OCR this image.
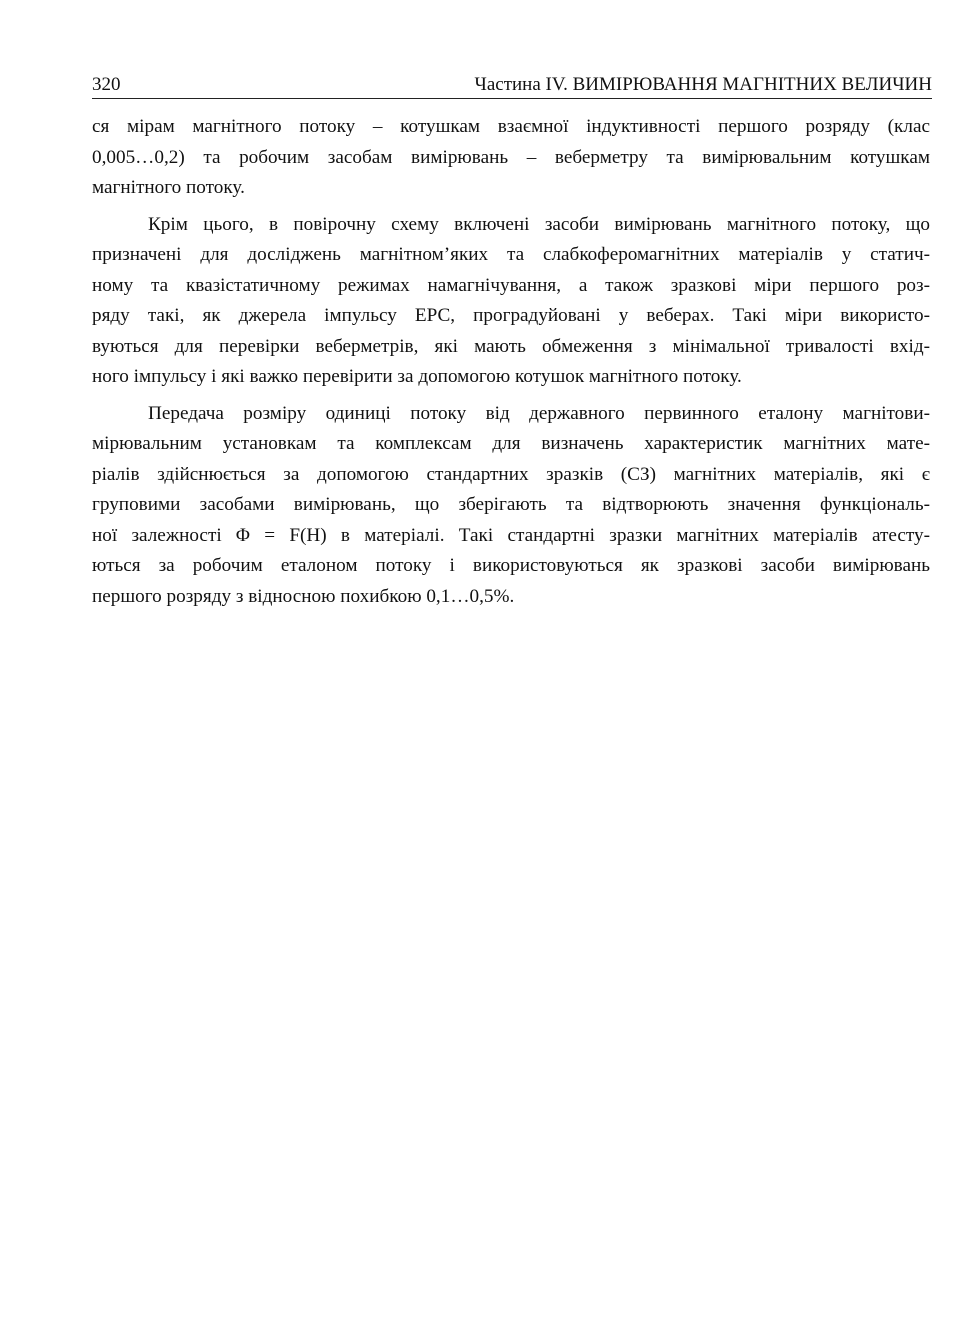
320	Частина IV. ВИМІРЮВАННЯ МАГНІТНИХ ВЕЛИЧИН
ся мірам магнітного потоку – котушкам взаємної індуктивності першого розряду (клас
0,005…0,2) та робочим засобам вимірювань – веберметру та вимірювальним котушкам
магнітного потоку.
Крім цього, в повірочну схему включені засоби вимірювань магнітного потоку, що
призначені для досліджень магнітном’яких та слабкоферомагнітних матеріалів у статич-
ному та квазістатичному режимах намагнічування, а також зразкові міри першого роз-
ряду такі, як джерела імпульсу ЕРС, проградуйовані у веберах. Такі міри використо-
вуються для перевірки веберметрів, які мають обмеження з мінімальної тривалості вхід-
ного імпульсу і які важко перевірити за допомогою котушок магнітного потоку.
Передача розміру одиниці потоку від державного первинного еталону магнітови-
мірювальним установкам та комплексам для визначень характеристик магнітних мате-
ріалів здійснюється за допомогою стандартних зразків (СЗ) магнітних матеріалів, які є
груповими засобами вимірювань, що зберігають та відтворюють значення функціональ-
ної залежності Φ = F(H) в матеріалі. Такі стандартні зразки магнітних матеріалів атесту-
ються за робочим еталоном потоку і використовуються як зразкові засоби вимірювань
першого розряду з відносною похибкою 0,1…0,5%.
